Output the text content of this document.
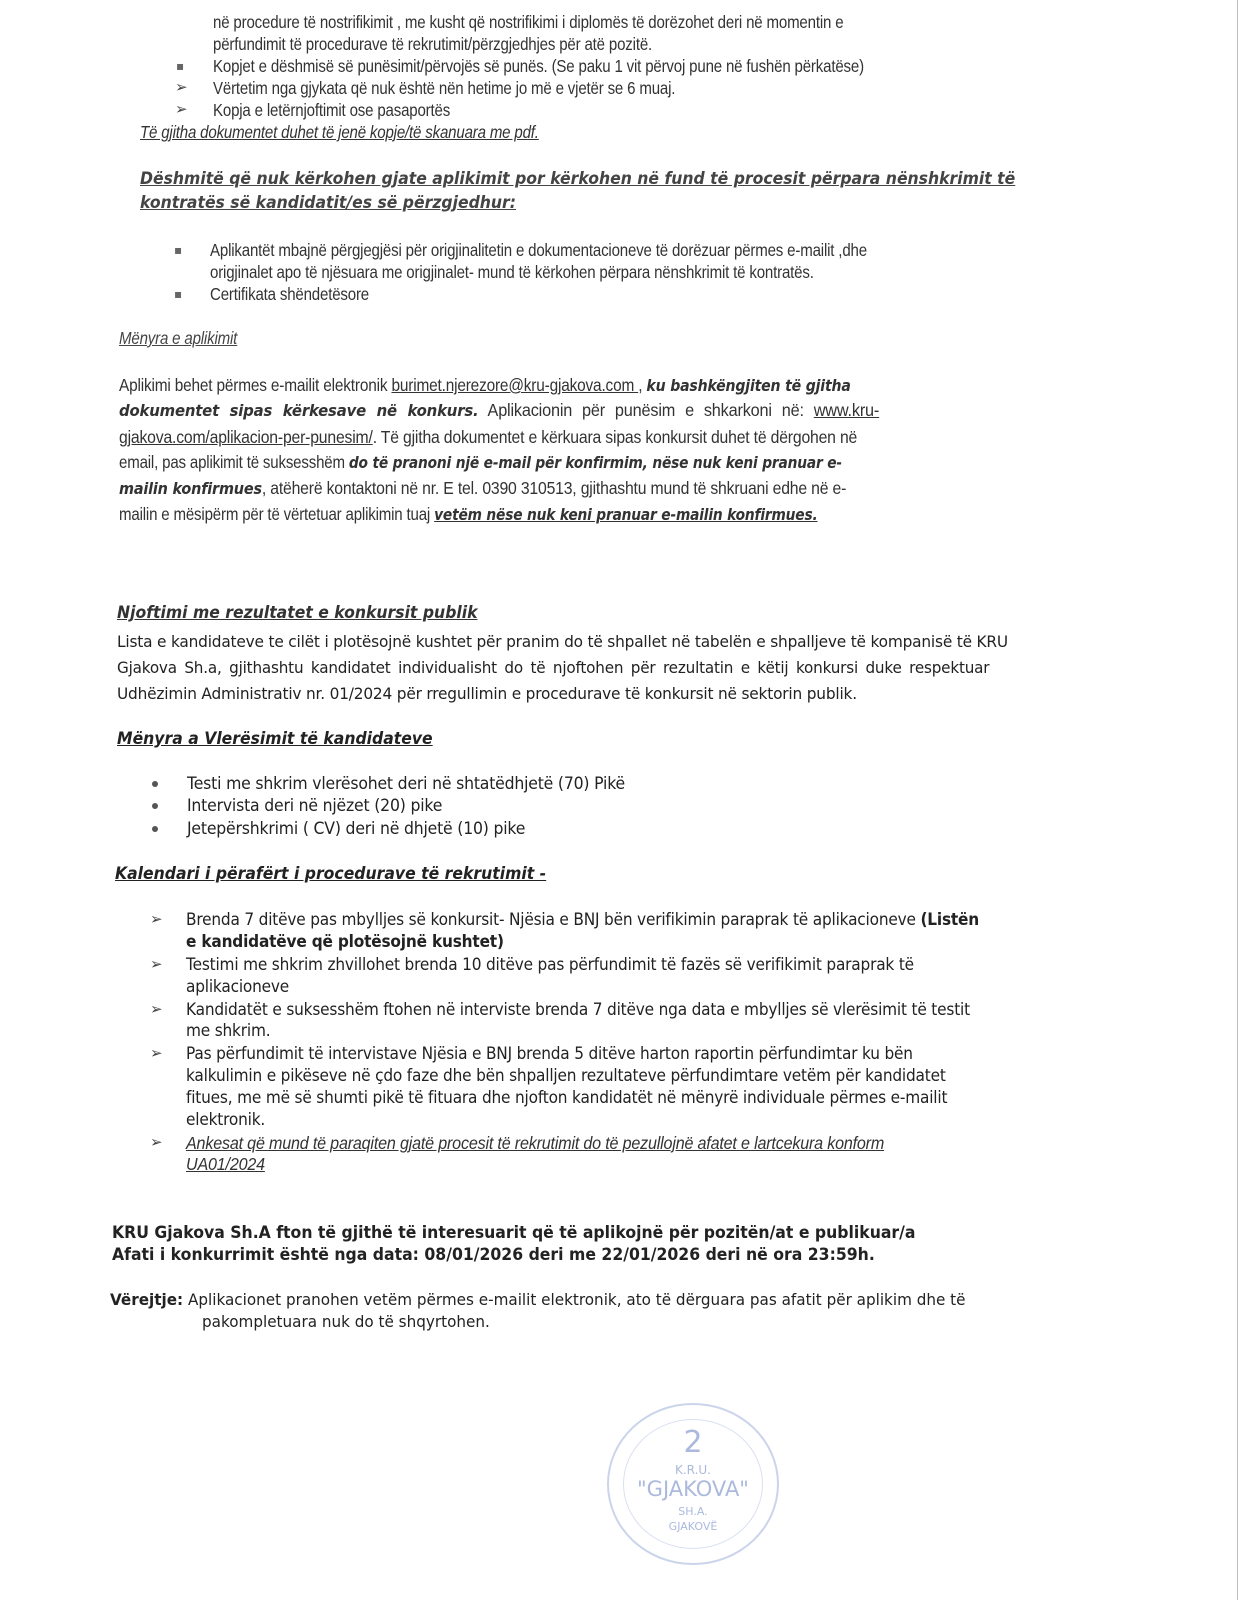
në procedure të nostrifikimit , me kusht që nostrifikimi i diplomës të dorëzohet deri në momentin e
përfundimit të procedurave të rekrutimit/përzgjedhjes për atë pozitë.
▪ Kopjet e dëshmisë së punësimit/përvojës së punës. (Se paku 1 vit përvoj pune në fushën përkatëse)
➢ Vërtetim nga gjykata që nuk është nën hetime jo më e vjetër se 6 muaj.
➢ Kopja e letërnjoftimit ose pasaportës
Të gjitha dokumentet duhet të jenë kopje/të skanuara me pdf.
Dëshmitë që nuk kërkohen gjate aplikimit por kërkohen në fund të procesit përpara nënshkrimit të
kontratës së kandidatit/es së përzgjedhur:
▪ Aplikantët mbajnë përgjegjësi për origjinalitetin e dokumentacioneve të dorëzuar përmes e-mailit ,dhe
origjinalet apo të njësuara me origjinalet- mund të kërkohen përpara nënshkrimit të kontratës.
▪ Certifikata shëndetësore
Mënyra e aplikimit
Aplikimi behet përmes e-mailit elektronik burimet.njerezore@kru-gjakova.com , ku bashkëngjiten të gjitha
dokumentet sipas kërkesave në konkurs. Aplikacionin për punësim e shkarkoni në: www.kru-
gjakova.com/aplikacion-per-punesim/. Të gjitha dokumentet e kërkuara sipas konkursit duhet të dërgohen në
email, pas aplikimit të suksesshëm do të pranoni një e-mail për konfirmim, nëse nuk keni pranuar e-
mailin konfirmues, atëherë kontaktoni në nr. E tel. 0390 310513, gjithashtu mund të shkruani edhe në e-
mailin e mësipërm për të vërtetuar aplikimin tuaj vetëm nëse nuk keni pranuar e-mailin konfirmues.
Njoftimi me rezultatet e konkursit publik
Lista e kandidateve te cilët i plotësojnë kushtet për pranim do të shpallet në tabelën e shpalljeve të kompanisë të KRU
Gjakova Sh.a, gjithashtu kandidatet individualisht do të njoftohen për rezultatin e këtij konkursi duke respektuar
Udhëzimin Administrativ nr. 01/2024 për rregullimin e procedurave të konkursit në sektorin publik.
Mënyra a Vlerësimit të kandidateve
Testi me shkrim vlerësohet deri në shtatëdhjetë (70) Pikë
Intervista deri në njëzet (20) pike
Jetepërshkrimi ( CV) deri në dhjetë (10) pike
Kalendari i përafërt i procedurave të rekrutimit -
➢ Brenda 7 ditëve pas mbylljes së konkursit- Njësia e BNJ bën verifikimin paraprak të aplikacioneve (Listën
e kandidatëve që plotësojnë kushtet)
➢ Testimi me shkrim zhvillohet brenda 10 ditëve pas përfundimit të fazës së verifikimit paraprak të
aplikacioneve
➢ Kandidatët e suksesshëm ftohen në interviste brenda 7 ditëve nga data e mbylljes së vlerësimit të testit
me shkrim.
➢ Pas përfundimit të intervistave Njësia e BNJ brenda 5 ditëve harton raportin përfundimtar ku bën
kalkulimin e pikëseve në çdo faze dhe bën shpalljen rezultateve përfundimtare vetëm për kandidatet
fitues, me më së shumti pikë të fituara dhe njofton kandidatët në mënyrë individuale përmes e-mailit
elektronik.
➢ Ankesat që mund të paraqiten gjatë procesit të rekrutimit do të pezullojnë afatet e lartcekura konform
UA01/2024
KRU Gjakova Sh.A fton të gjithë të interesuarit që të aplikojnë për pozitën/at e publikuar/a
Afati i konkurrimit është nga data: 08/01/2026 deri me 22/01/2026 deri në ora 23:59h.
Vërejtje: Aplikacionet pranohen vetëm përmes e-mailit elektronik, ato të dërguara pas afatit për aplikim dhe të
pakompletuara nuk do të shqyrtohen.
2
K.R.U.
"GJAKOVA"
SH.A.
GJAKOVË
